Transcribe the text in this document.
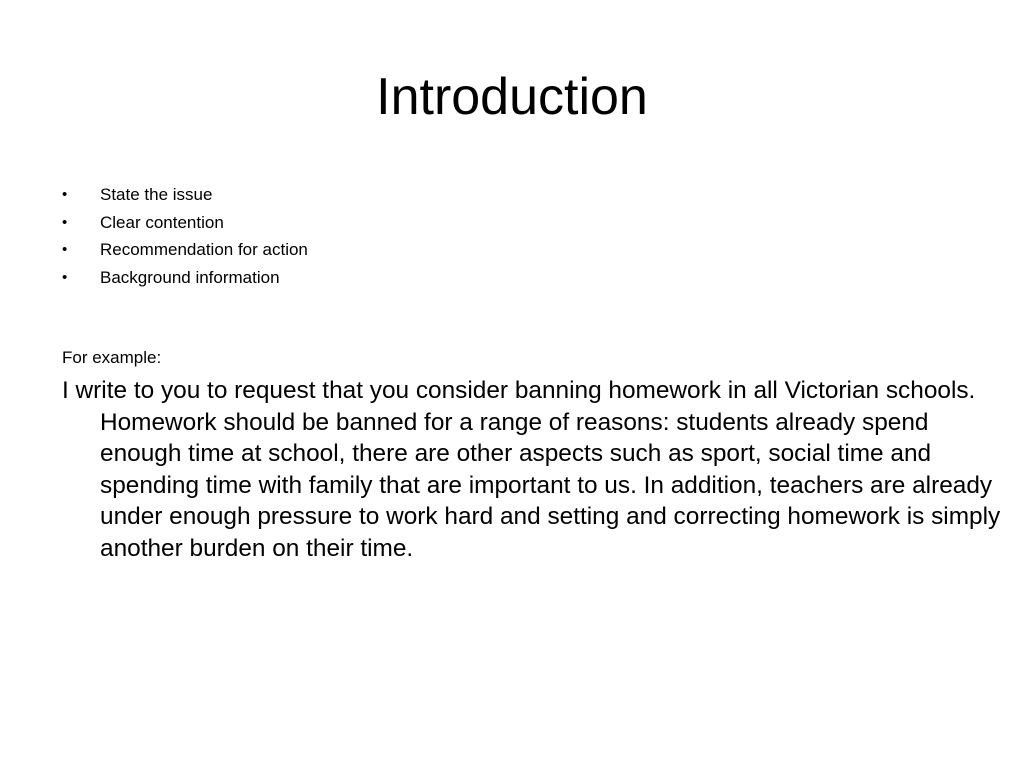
Introduction
•	State the issue
•	Clear contention
•	Recommendation for action
•	Background information

For example:

I write to you to request that you consider banning homework in all Victorian schools. Homework should be banned for a range of reasons: students already spend enough time at school, there are other aspects such as sport, social time and spending time with family that are important to us. In addition, teachers are already under enough pressure to work hard and setting and correcting homework is simply another burden on their time.
